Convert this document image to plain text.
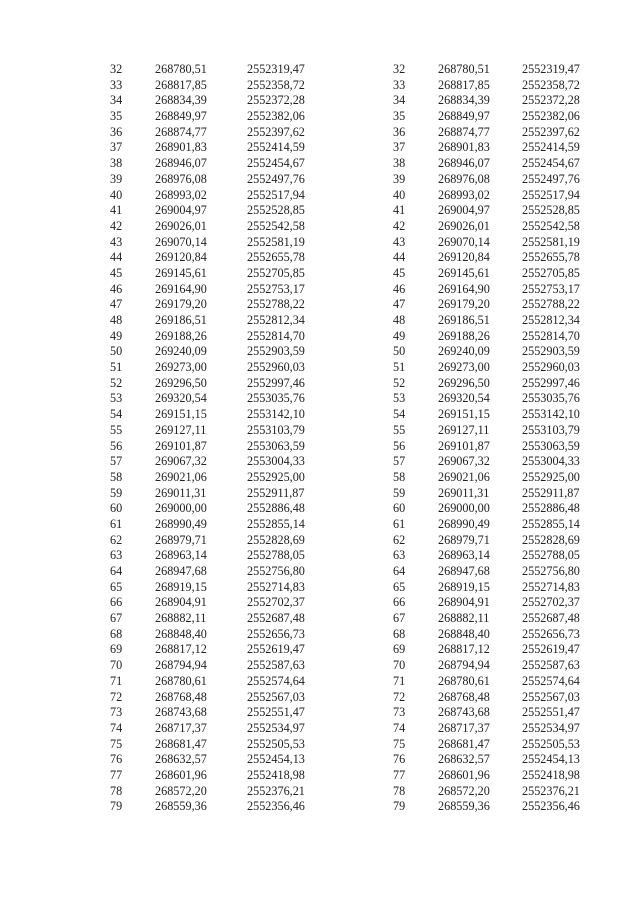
32	268780,51	2552319,47
33	268817,85	2552358,72
34	268834,39	2552372,28
35	268849,97	2552382,06
36	268874,77	2552397,62
37	268901,83	2552414,59
38	268946,07	2552454,67
39	268976,08	2552497,76
40	268993,02	2552517,94
41	269004,97	2552528,85
42	269026,01	2552542,58
43	269070,14	2552581,19
44	269120,84	2552655,78
45	269145,61	2552705,85
46	269164,90	2552753,17
47	269179,20	2552788,22
48	269186,51	2552812,34
49	269188,26	2552814,70
50	269240,09	2552903,59
51	269273,00	2552960,03
52	269296,50	2552997,46
53	269320,54	2553035,76
54	269151,15	2553142,10
55	269127,11	2553103,79
56	269101,87	2553063,59
57	269067,32	2553004,33
58	269021,06	2552925,00
59	269011,31	2552911,87
60	269000,00	2552886,48
61	268990,49	2552855,14
62	268979,71	2552828,69
63	268963,14	2552788,05
64	268947,68	2552756,80
65	268919,15	2552714,83
66	268904,91	2552702,37
67	268882,11	2552687,48
68	268848,40	2552656,73
69	268817,12	2552619,47
70	268794,94	2552587,63
71	268780,61	2552574,64
72	268768,48	2552567,03
73	268743,68	2552551,47
74	268717,37	2552534,97
75	268681,47	2552505,53
76	268632,57	2552454,13
77	268601,96	2552418,98
78	268572,20	2552376,21
79	268559,36	2552356,46
32	268780,51	2552319,47
33	268817,85	2552358,72
34	268834,39	2552372,28
35	268849,97	2552382,06
36	268874,77	2552397,62
37	268901,83	2552414,59
38	268946,07	2552454,67
39	268976,08	2552497,76
40	268993,02	2552517,94
41	269004,97	2552528,85
42	269026,01	2552542,58
43	269070,14	2552581,19
44	269120,84	2552655,78
45	269145,61	2552705,85
46	269164,90	2552753,17
47	269179,20	2552788,22
48	269186,51	2552812,34
49	269188,26	2552814,70
50	269240,09	2552903,59
51	269273,00	2552960,03
52	269296,50	2552997,46
53	269320,54	2553035,76
54	269151,15	2553142,10
55	269127,11	2553103,79
56	269101,87	2553063,59
57	269067,32	2553004,33
58	269021,06	2552925,00
59	269011,31	2552911,87
60	269000,00	2552886,48
61	268990,49	2552855,14
62	268979,71	2552828,69
63	268963,14	2552788,05
64	268947,68	2552756,80
65	268919,15	2552714,83
66	268904,91	2552702,37
67	268882,11	2552687,48
68	268848,40	2552656,73
69	268817,12	2552619,47
70	268794,94	2552587,63
71	268780,61	2552574,64
72	268768,48	2552567,03
73	268743,68	2552551,47
74	268717,37	2552534,97
75	268681,47	2552505,53
76	268632,57	2552454,13
77	268601,96	2552418,98
78	268572,20	2552376,21
79	268559,36	2552356,46
